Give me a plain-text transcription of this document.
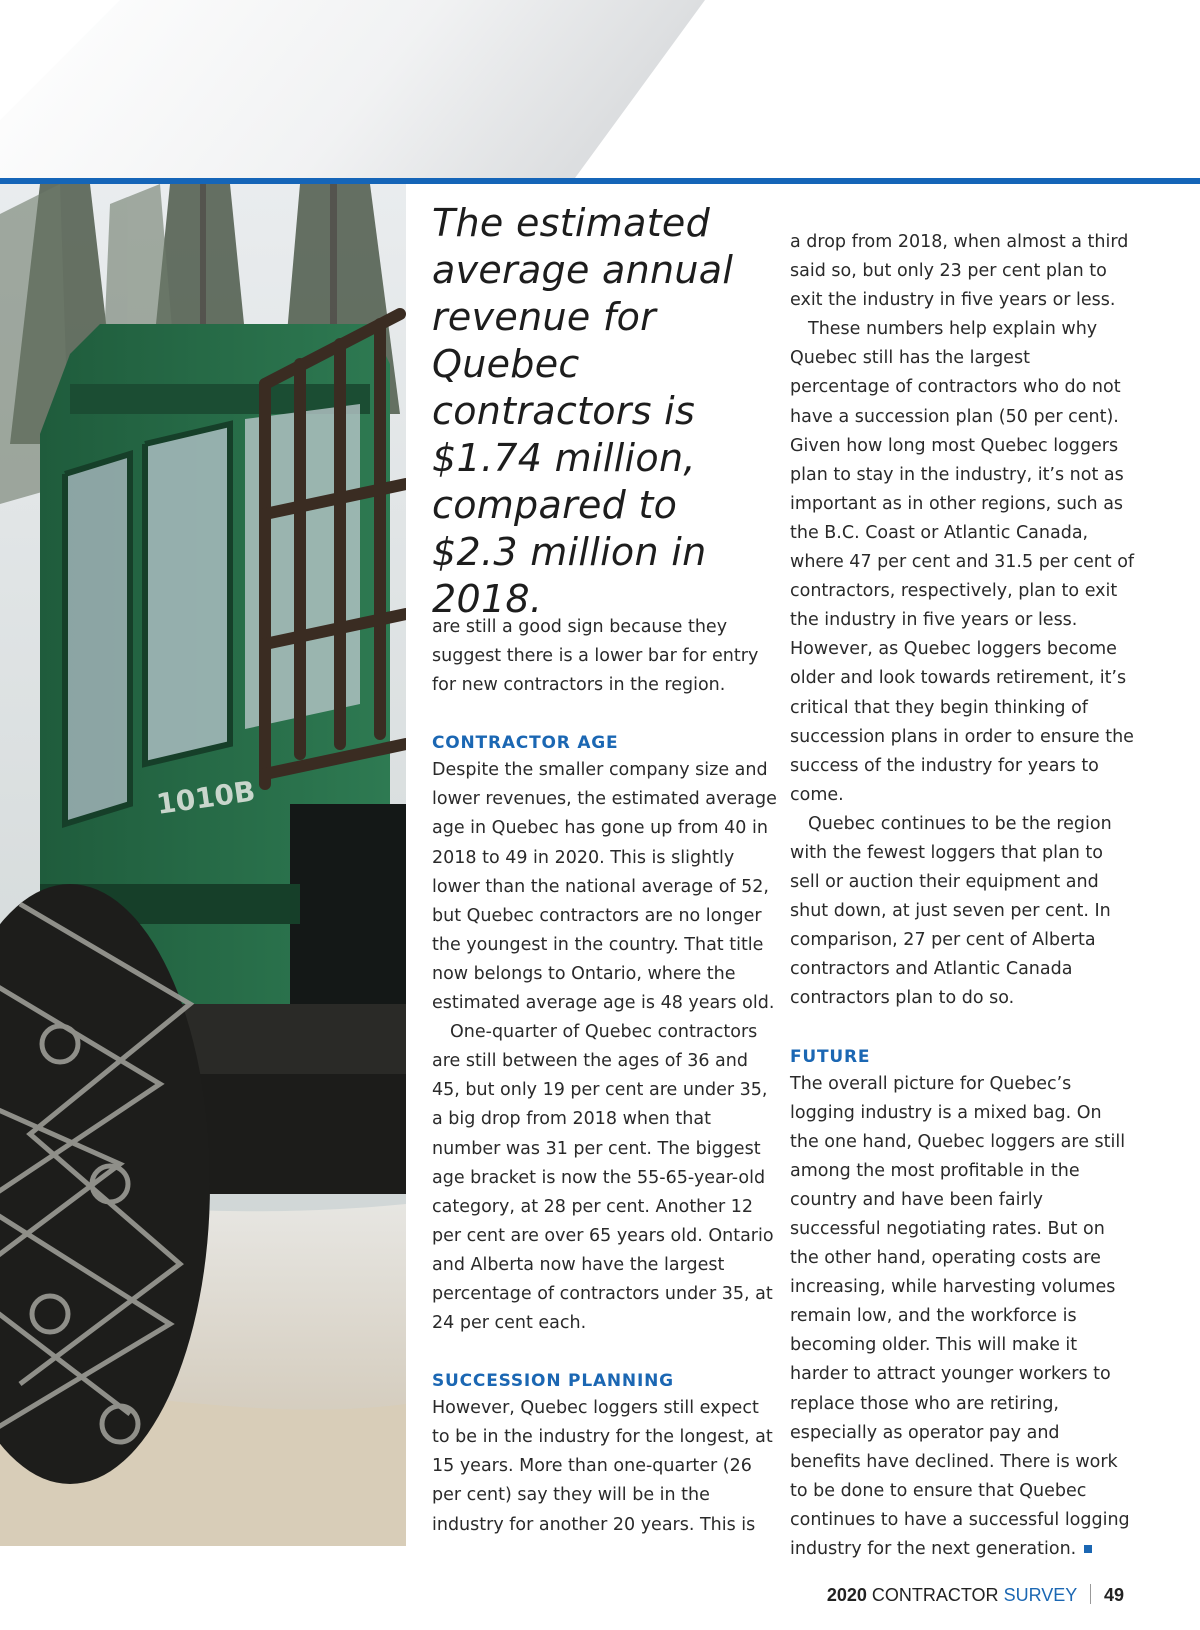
1010B

The estimated average annual revenue for Quebec contractors is $1.74 million, compared to $2.3 million in 2018.

are still a good sign because they suggest there is a lower bar for entry for new contractors in the region.

CONTRACTOR AGE

Despite the smaller company size and lower revenues, the estimated average age in Quebec has gone up from 40 in 2018 to 49 in 2020. This is slightly lower than the national average of 52, but Quebec contractors are no longer the youngest in the country. That title now belongs to Ontario, where the estimated average age is 48 years old.

One-quarter of Quebec contractors are still between the ages of 36 and 45, but only 19 per cent are under 35, a big drop from 2018 when that number was 31 per cent. The biggest age bracket is now the 55-65-year-old category, at 28 per cent. Another 12 per cent are over 65 years old. Ontario and Alberta now have the largest percentage of contractors under 35, at 24 per cent each.

SUCCESSION PLANNING

However, Quebec loggers still expect to be in the industry for the longest, at 15 years. More than one-quarter (26 per cent) say they will be in the industry for another 20 years. This is

a drop from 2018, when almost a third said so, but only 23 per cent plan to exit the industry in five years or less.

These numbers help explain why Quebec still has the largest percentage of contractors who do not have a succession plan (50 per cent). Given how long most Quebec loggers plan to stay in the industry, it’s not as important as in other regions, such as the B.C. Coast or Atlantic Canada, where 47 per cent and 31.5 per cent of contractors, respectively, plan to exit the industry in five years or less. However, as Quebec loggers become older and look towards retirement, it’s critical that they begin thinking of succession plans in order to ensure the success of the industry for years to come.

Quebec continues to be the region with the fewest loggers that plan to sell or auction their equipment and shut down, at just seven per cent. In comparison, 27 per cent of Alberta contractors and Atlantic Canada contractors plan to do so.

FUTURE

The overall picture for Quebec’s logging industry is a mixed bag. On the one hand, Quebec loggers are still among the most profitable in the country and have been fairly successful negotiating rates. But on the other hand, operating costs are increasing, while harvesting volumes remain low, and the workforce is becoming older. This will make it harder to attract younger workers to replace those who are retiring, especially as operator pay and benefits have declined. There is work to be done to ensure that Quebec continues to have a successful logging industry for the next generation.

2020 CONTRACTOR SURVEY 49
